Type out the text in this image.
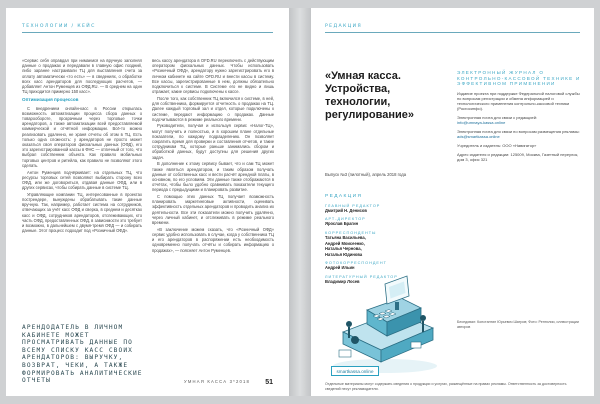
ТЕХНОЛОГИИ / КЕЙС

«Сервис себя оправдал при нимаемся на вручную заполнял данные о продажах и передавали в главную офис поздний, либо заранее настраивали ТЦ для выставления счета за оплату автоматически «то есть» — в сведениях, о обработке всех касс арендаторов для последующих расчетов, — добавляет Антон Руменцев из ОФД.RU. — В среднем на один ТЦ приходится примерно 150 касс».

Оптимизация процессов

С внедрением онлайн-касс в России открылась возможность автоматизации процесса сбора данных о товарообороте, прозрачным через торговые точки арендаторов, а также автоматизации всей предоставляемой коммерческой и отчётной информации. Всё-то можно реализовать удаленно, не храня отчеты об этом в ТЦ. Есть только одна сложность: у арендаторов не просто может оказаться своя операторов фискальных данных (ОФД), его это зарегистрированной кассы в ФНС — отличный от того, что выбрал собственник объекта. Как правило мобильных торговых центров и ритейла, как правило не позволяют этого сделать.

Антон Руменцев подчёркивает: на отдельных ТЦ, что ресурсы торговых сетей позволяют выбирать сторону всех ОФД, или же договориться, отдавая данные ОФД, или в других сервисах, чтобы собирать данные в системе ТЦ.

Управляющие компании ТЦ, интересованные в проектах пострендере, вынуждены обрабатывать такие данные вручную. Так, например, работает система на сотрудников, отвечающих за учёт касс ОФД и сверка, в среднем и десятках касс и ОФД, сотрудников арендаторов, отслеживающих, кто часть ОФД, предоставленных ОФД, в зависимости это требует и возможно, в дальнейшем с двумя-тремя ОФД — и собирать данные. Этот процесс подходит под «Розничный ОФД».

весь кассу арендатора в OFD.RU переключить с действующим оператором фискальных данных. Чтобы использовать «Розничный ОФД», арендатору нужно зарегистрировать его в личном кабинете на сайте OFD.RU и внести кассы в систему. Все кассы, зарегистрированные в нем, должны обязательно подключиться к системе. В Системе его не видно и лишь отражает, какие сервисы подключены к кассе.

После того, как собственник ТЦ включился к системе, в ней, для собственника, формируется отчетность о продажах на ТЦ. Далее каждый торговый зал и отдел, которые подключены к системе, передают информацию о продажах. Данные подсчитываются в режиме реального времени.

Руководители, получая и используя сервис «Налог-ТЦ», могут получить и полностью, и в хорошем плане отдельные показатели, по каждому подразделению. Он позволяет сократить время для проверки и составления отчетов, и такие сотрудникам ТЦ, которые раньше занимались сбором и обработкой данных, будут доступны для решения других задач.

В дополнение к этому сервису бывает, что и сам ТЦ может также являться арендатором, и таким образом получать данные от собственных касс и вести расчёт арендной платы, в основном, по его условиям. Эти данные также отображаются в отчётах, чтобы было удобно сравнивать показатели текущего периода с предыдущими и планировать развитие.

С помощью этих данных ТЦ получает возможность планировать маркетинговые активности, оценивать эффективность отдельных арендаторов и проводить анализ их деятельности. Все эти показатели можно получить удалённо, через личный кабинет, и отслеживать в режиме реального времени.

«В заключение можем сказать, что «Розничный ОФД» сервис удобно использовать в случае, когда у собственника ТЦ и его арендаторов в распоряжении есть необходимость одновременно получать отчёты и собирать информацию о продажах», — поясняет Антон Руменцев.

АРЕНДОДАТЕЛЬ В ЛИЧНОМ КАБИНЕТЕ МОЖЕТ ПРОСМАТРИВАТЬ ДАННЫЕ ПО ВСЕМУ СПИСКУ КАСС СВОИХ АРЕНДАТОРОВ: ВЫРУЧКУ, ВОЗВРАТ, ЧЕКИ, А ТАКЖЕ ФОРМИРОВАТЬ АНАЛИТИЧЕСКИЕ ОТЧЕТЫ	УМНАЯ КАССА 3*2018 51
РЕДАКЦИЯ
«Умная касса. Устройства, технологии, регулирование»
Выпуск №3 (пилотный), апрель 2018 года
РЕДАКЦИЯ
ГЛАВНЫЙ РЕДАКТОР
Дмитрий Н. Денисов
АРТ-ДИРЕКТОР
Ярослав Брагин
КОРРЕСПОНДЕНТЫ
Татьяна Васильева,
Андрей Моисеенко,
Наталья Чернова,
Наталья Юдинова
ФОТОКОРРЕСПОНДЕНТ
Андрей Ильин
ЛИТЕРАТУРНЫЙ РЕДАКТОР
Владимир Лосев
ЭЛЕКТРОННЫЙ ЖУРНАЛ О КОНТРОЛЬНО-КАССОВОЙ ТЕХНИКЕ И ЭФФЕКТИВНОМ ПРИМЕНЕНИИ
Издание проекта при поддержке Федеральной налоговой службы по вопросам регистрации и обмена информацией и технологического применения контрольно-кассовой техники (Росгосинфо).
Электронная почта для связи с редакцией:
info@umnaya-kassa.online
Электронная почта для связи по вопросам размещения рекламы:
ads@smartkassa.online
Учредитель и издатель: ООО «Навигатор»
Адрес издателя и редакции: 125009, Москва, Газетный переулок, дом 3, офис 321
smartkassa.online
Беседовал: Константин Юрьевич Шатров; Фото: Рептилии, иллюстрации авторов
Отдельные материалы могут содержать сведения о продукции и услугах, размещённые на правах рекламы. Ответственность за достоверность сведений несут рекламодатели.
